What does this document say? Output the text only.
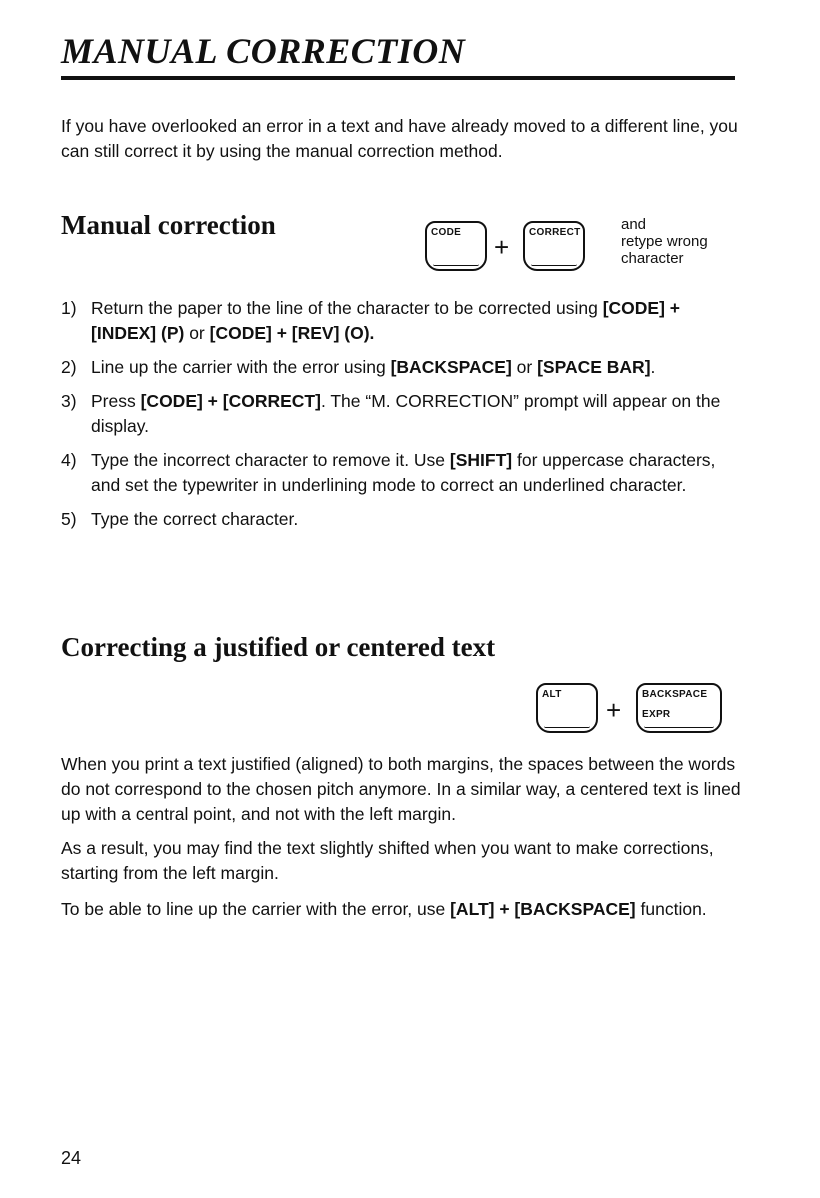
MANUAL CORRECTION

If you have overlooked an error in a text and have already moved to a different line, you can still correct it by using the manual correction method.

Manual correction	CODE + CORRECT	and
retype wrong
character

1) Return the paper to the line of the character to be corrected using [CODE] + [INDEX] (P) or [CODE] + [REV] (O).
2) Line up the carrier with the error using [BACKSPACE] or [SPACE BAR].
3) Press [CODE] + [CORRECT]. The “M. CORRECTION” prompt will appear on the display.
4) Type the incorrect character to remove it. Use [SHIFT] for uppercase characters, and set the typewriter in underlining mode to correct an underlined character.
5) Type the correct character.
Correcting a justified or centered text
ALT
+
BACKSPACE
EXPR

When you print a text justified (aligned) to both margins, the spaces between the words do not correspond to the chosen pitch anymore. In a similar way, a centered text is lined up with a central point, and not with the left margin.

As a result, you may find the text slightly shifted when you want to make corrections, starting from the left margin.

To be able to line up the carrier with the error, use [ALT] + [BACKSPACE] function.

24
